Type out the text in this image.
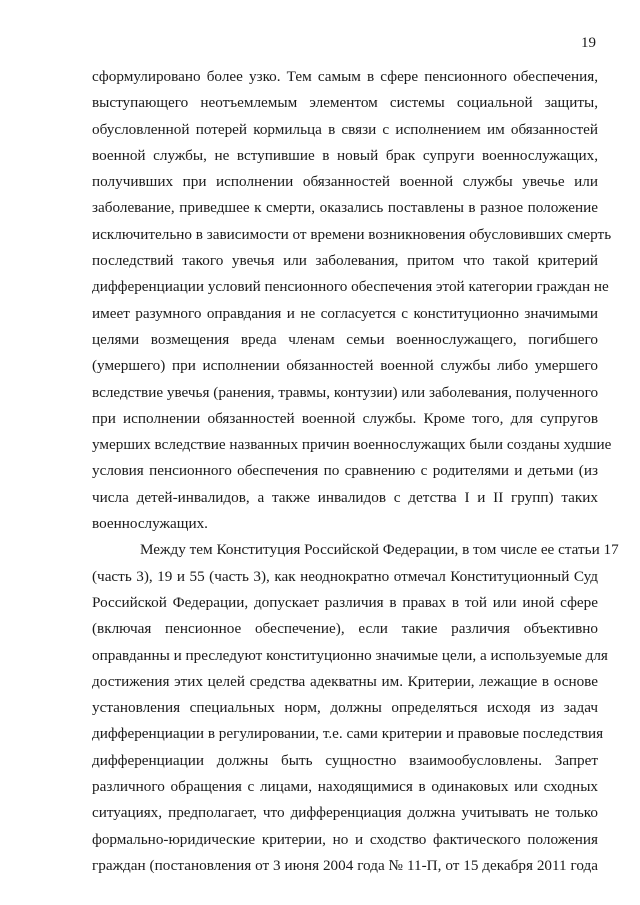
19
сформулировано более узко. Тем самым в сфере пенсионного обеспечения,
выступающего неотъемлемым элементом системы социальной защиты,
обусловленной потерей кормильца в связи с исполнением им обязанностей
военной службы, не вступившие в новый брак супруги военнослужащих,
получивших при исполнении обязанностей военной службы увечье или
заболевание, приведшее к смерти, оказались поставлены в разное положение
исключительно в зависимости от времени возникновения обусловивших смерть
последствий такого увечья или заболевания, притом что такой критерий
дифференциации условий пенсионного обеспечения этой категории граждан не
имеет разумного оправдания и не согласуется с конституционно значимыми
целями возмещения вреда членам семьи военнослужащего, погибшего
(умершего) при исполнении обязанностей военной службы либо умершего
вследствие увечья (ранения, травмы, контузии) или заболевания, полученного
при исполнении обязанностей военной службы. Кроме того, для супругов
умерших вследствие названных причин военнослужащих были созданы худшие
условия пенсионного обеспечения по сравнению с родителями и детьми (из
числа детей-инвалидов, а также инвалидов с детства I и II групп) таких
военнослужащих.
Между тем Конституция Российской Федерации, в том числе ее статьи 17
(часть 3), 19 и 55 (часть 3), как неоднократно отмечал Конституционный Суд
Российской Федерации, допускает различия в правах в той или иной сфере
(включая пенсионное обеспечение), если такие различия объективно
оправданны и преследуют конституционно значимые цели, а используемые для
достижения этих целей средства адекватны им. Критерии, лежащие в основе
установления специальных норм, должны определяться исходя из задач
дифференциации в регулировании, т.е. сами критерии и правовые последствия
дифференциации должны быть сущностно взаимообусловлены. Запрет
различного обращения с лицами, находящимися в одинаковых или сходных
ситуациях, предполагает, что дифференциация должна учитывать не только
формально-юридические критерии, но и сходство фактического положения
граждан (постановления от 3 июня 2004 года № 11-П, от 15 декабря 2011 года
